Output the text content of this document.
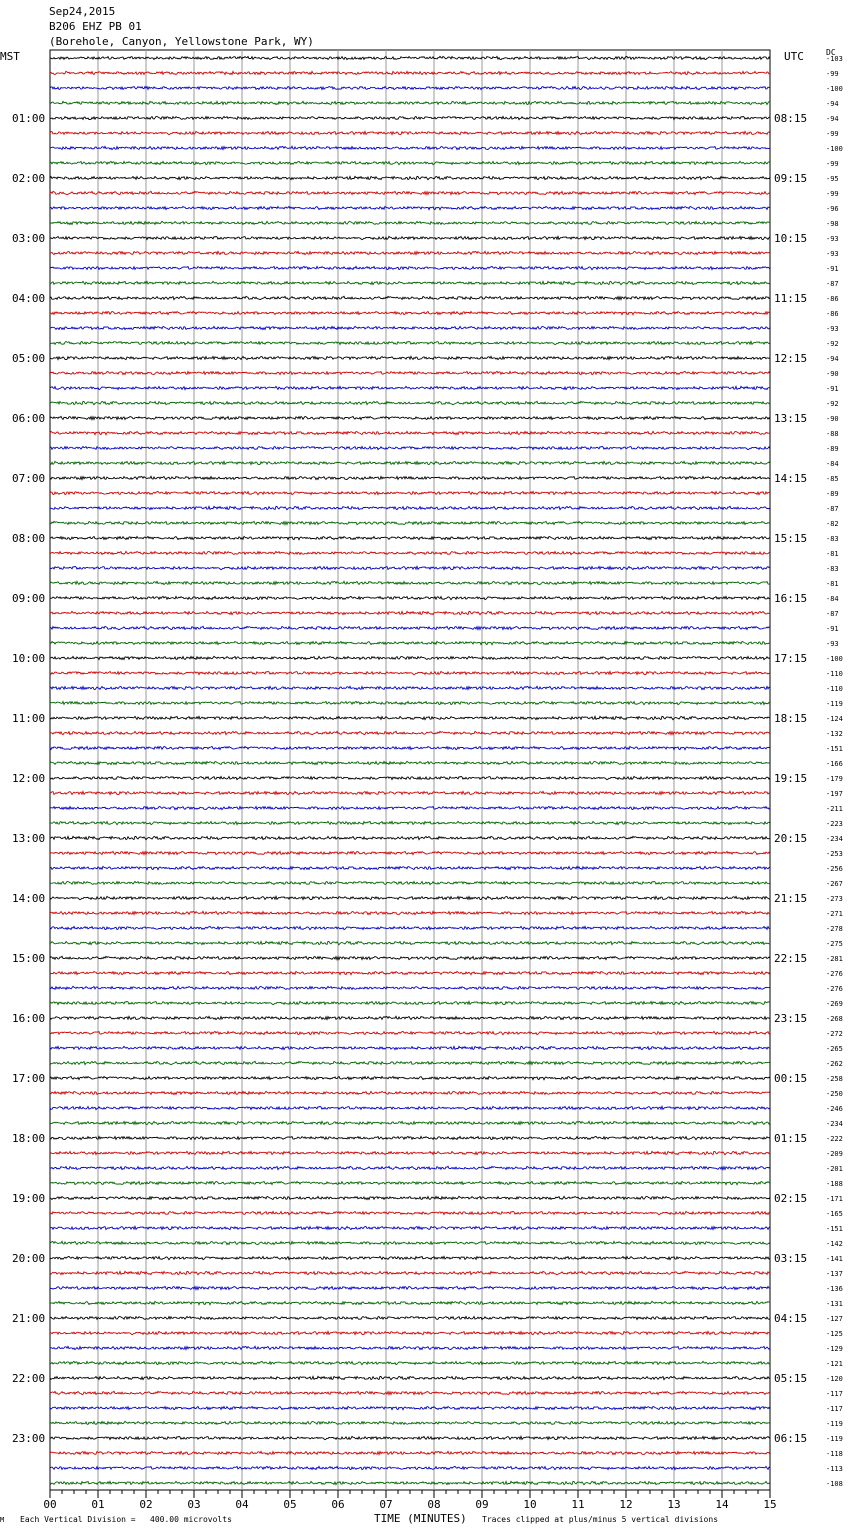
Sep24,2015
B206 EHZ PB 01
(Borehole, Canyon, Yellowstone Park, WY)
MST	UTC	DC
-103
-99
-100
-94
-94
-99
-100
-99
-95
-99
-96
-98
-93
-93
-91
-87
-86
-86
-93
-92
-94
-90
-91
-92
-90
-88
-89
-84
-85
-89
-87
-82
-83
-81
-83
-81
-84
-87
-91
-93
-100
-110
-110
-119
-124
-132
-151
-166
-179
-197
-211
-223
-234
-253
-256
-267
-273
-271
-278
-275
-281
-276
-276
-269
-268
-272
-265
-262
-258
-250
-246
-234
-222
-209
-201
-188
-171
-165
-151
-142
-141
-137
-136
-131
-127
-125
-129
-121
-120
-117
-117
-119
-119
-118
-113
-108
01:00
02:00
03:00
04:00
05:00
06:00
07:00
08:00
09:00
10:00
11:00
12:00
13:00
14:00
15:00
16:00
17:00
18:00
19:00
20:00
21:00
22:00
23:00
08:15
09:15
10:15
11:15
12:15
13:15
14:15
15:15
16:15
17:15
18:15
19:15
20:15
21:15
22:15
23:15
00:15
01:15
02:15
03:15
04:15
05:15
06:15
00	01	02	03	04	05	06	07	08	09	10	11	12	13	14	15
M Each Vertical Division = 400.00 microvolts	TIME (MINUTES) Traces clipped at plus/minus 5 vertical divisions
